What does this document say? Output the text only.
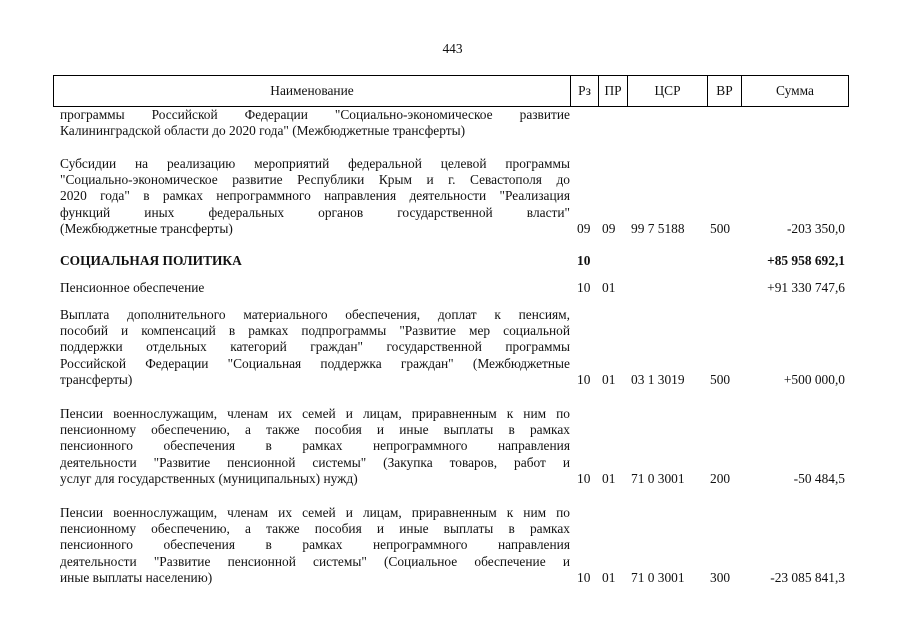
443
Наименование	Рз	ПР	ЦСР	ВР	Сумма
программы Российской Федерации "Социально-экономическое развитие
Калининградской области до 2020 года" (Межбюджетные трансферты)
Субсидии на реализацию мероприятий федеральной целевой программы
"Социально-экономическое развитие Республики Крым и г. Севастополя до
2020 года" в рамках непрограммного направления деятельности "Реализация
функций иных федеральных органов государственной власти"
(Межбюджетные трансферты)	09 09	99 7 5188	500	-203 350,0
СОЦИАЛЬНАЯ ПОЛИТИКА	10	+85 958 692,1
Пенсионное обеспечение	10 01	+91 330 747,6
Выплата дополнительного материального обеспечения, доплат к пенсиям,
пособий и компенсаций в рамках подпрограммы "Развитие мер социальной
поддержки отдельных категорий граждан" государственной программы
Российской Федерации "Социальная поддержка граждан" (Межбюджетные
трансферты)	10 01	03 1 3019	500	+500 000,0
Пенсии военнослужащим, членам их семей и лицам, приравненным к ним по
пенсионному обеспечению, а также пособия и иные выплаты в рамках
пенсионного обеспечения в рамках непрограммного направления
деятельности "Развитие пенсионной системы" (Закупка товаров, работ и
услуг для государственных (муниципальных) нужд)	10 01	71 0 3001	200	-50 484,5
Пенсии военнослужащим, членам их семей и лицам, приравненным к ним по
пенсионному обеспечению, а также пособия и иные выплаты в рамках
пенсионного обеспечения в рамках непрограммного направления
деятельности "Развитие пенсионной системы" (Социальное обеспечение и
иные выплаты населению)	10 01	71 0 3001	300	-23 085 841,3
